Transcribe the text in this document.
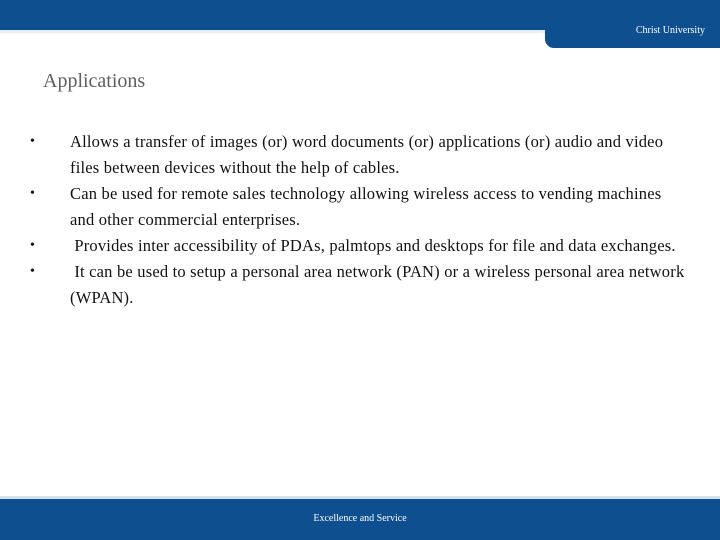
Christ University
Applications
•	Allows a transfer of images (or) word documents (or) applications (or) audio and video files between devices without the help of cables.
•	Can be used for remote sales technology allowing wireless access to vending machines and other commercial enterprises.
•	Provides inter accessibility of PDAs, palmtops and desktops for file and data exchanges.
•	It can be used to setup a personal area network (PAN) or a wireless personal area network (WPAN).
Excellence and Service
